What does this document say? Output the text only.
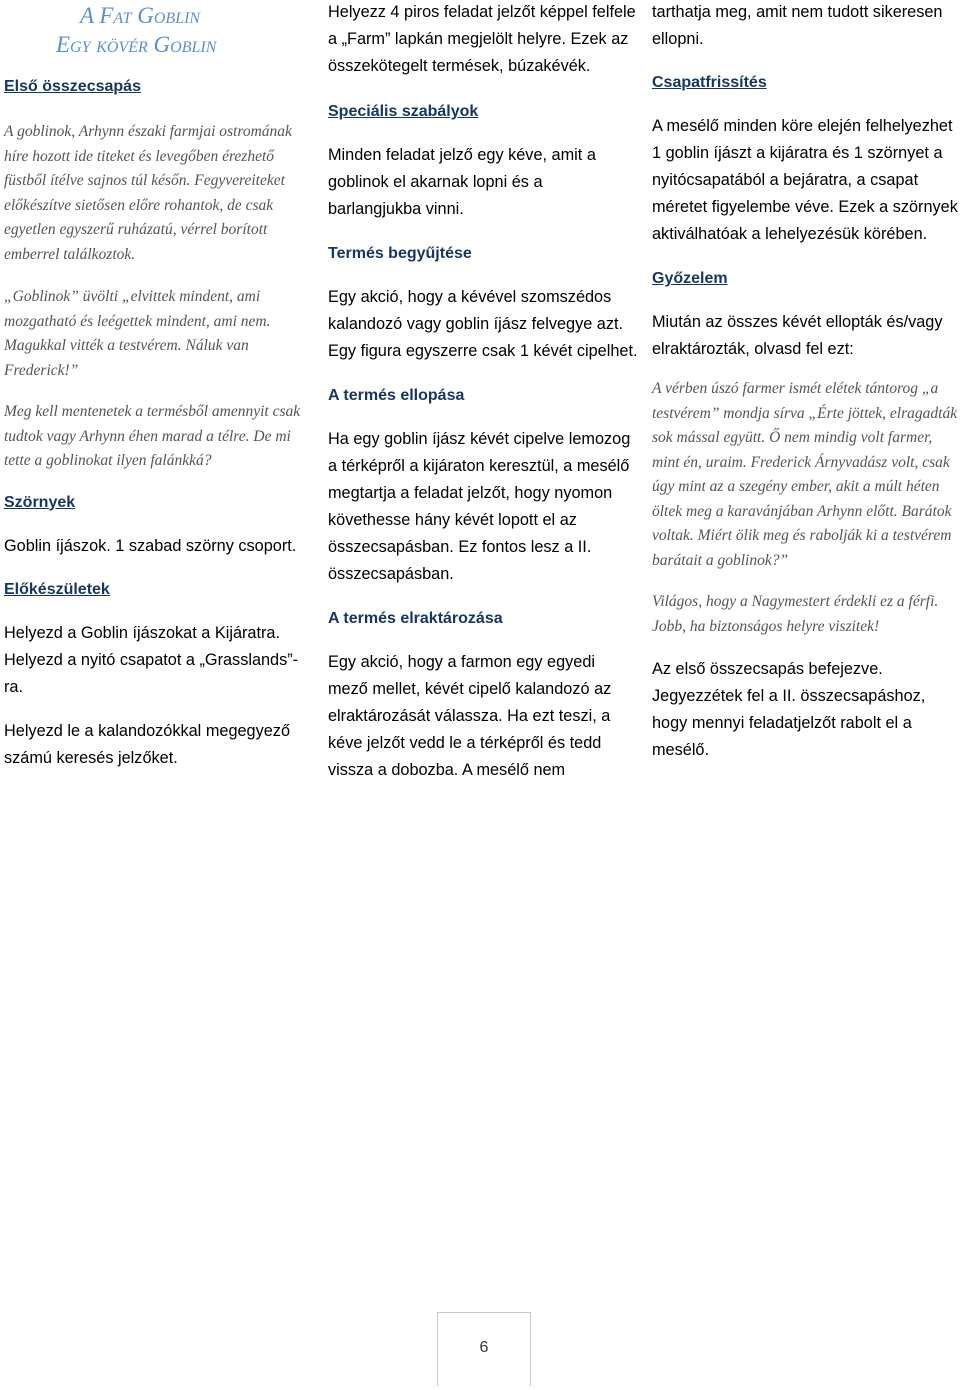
A Fat Goblin
Egy kövér Goblin
Első összecsapás

A goblinok, Arhynn északi farmjai ostromának híre hozott ide titeket és levegőben érezhető füstből ítélve sajnos túl későn. Fegyvereiteket előkészítve sietősen előre rohantok, de csak egyetlen egyszerű ruházatú, vérrel borított emberrel találkoztok.

„Goblinok” üvölti „elvittek mindent, ami mozgatható és leégettek mindent, ami nem. Magukkal vitték a testvérem. Náluk van Frederick!”

Meg kell mentenetek a termésből amennyit csak tudtok vagy Arhynn éhen marad a télre. De mi tette a goblinokat ilyen falánkká?

Szörnyek

Goblin íjászok. 1 szabad szörny csoport.

Előkészületek

Helyezd a Goblin íjászokat a Kijáratra. Helyezd a nyitó csapatot a „Grasslands”-ra.

Helyezd le a kalandozókkal megegyező számú keresés jelzőket.

Helyezz 4 piros feladat jelzőt képpel felfele a „Farm” lapkán megjelölt helyre. Ezek az összekötegelt termések, búzakévék.

Speciális szabályok

Minden feladat jelző egy kéve, amit a goblinok el akarnak lopni és a barlangjukba vinni.

Termés begyűjtése

Egy akció, hogy a kévével szomszédos kalandozó vagy goblin íjász felvegye azt. Egy figura egyszerre csak 1 kévét cipelhet.

A termés ellopása

Ha egy goblin íjász kévét cipelve lemozog a térképről a kijáraton keresztül, a mesélő megtartja a feladat jelzőt, hogy nyomon követhesse hány kévét lopott el az összecsapásban. Ez fontos lesz a II. összecsapásban.

A termés elraktározása

Egy akció, hogy a farmon egy egyedi mező mellet, kévét cipelő kalandozó az elraktározását válassza. Ha ezt teszi, a kéve jelzőt vedd le a térképről és tedd vissza a dobozba. A mesélő nem

tarthatja meg, amit nem tudott sikeresen ellopni.

Csapatfrissítés

A mesélő minden köre elején felhelyezhet 1 goblin íjászt a kijáratra és 1 szörnyet a nyitócsapatából a bejáratra, a csapat méretet figyelembe véve. Ezek a szörnyek aktiválhatóak a lehelyezésük körében.

Győzelem

Miután az összes kévét ellopták és/vagy elraktározták, olvasd fel ezt:

A vérben úszó farmer ismét elétek tántorog „a testvérem” mondja sírva „Érte jöttek, elragadták sok mással együtt. Ő nem mindig volt farmer, mint én, uraim. Frederick Árnyvadász volt, csak úgy mint az a szegény ember, akit a múlt héten öltek meg a karavánjában Arhynn előtt. Barátok voltak. Miért ölik meg és rabolják ki a testvérem barátait a goblinok?”

Világos, hogy a Nagymestert érdekli ez a férfi. Jobb, ha biztonságos helyre viszitek!

Az első összecsapás befejezve. Jegyezzétek fel a II. összecsapáshoz, hogy mennyi feladatjelzőt rabolt el a mesélő.

6
